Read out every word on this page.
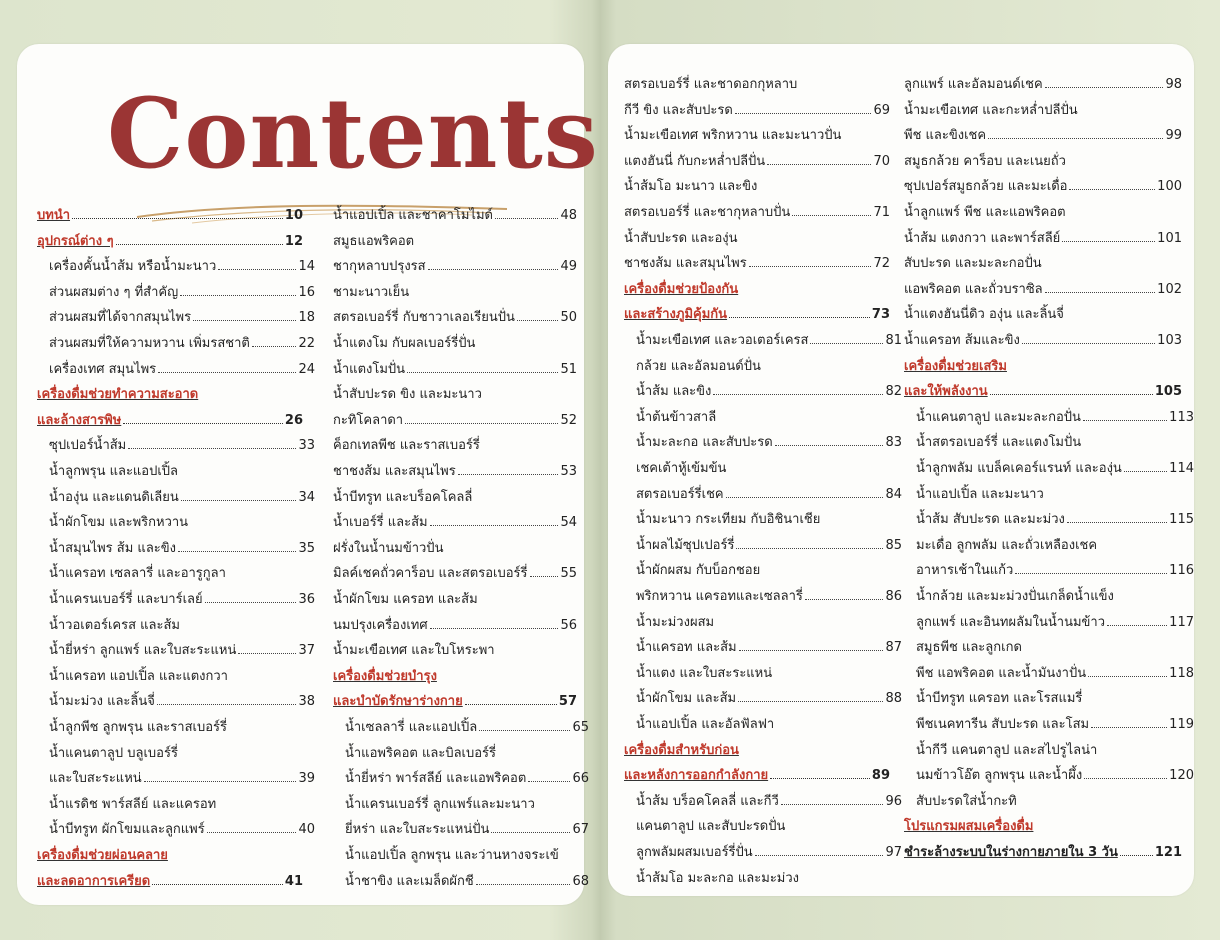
Contents
บทนำ	10
อุปกรณ์ต่าง ๆ	12
เครื่องคั้นน้ำส้ม หรือน้ำมะนาว	14
ส่วนผสมต่าง ๆ ที่สำคัญ	16
ส่วนผสมที่ได้จากสมุนไพร	18
ส่วนผสมที่ให้ความหวาน เพิ่มรสชาติ	22
เครื่องเทศ สมุนไพร	24
เครื่องดื่มช่วยทำความสะอาด
และล้างสารพิษ	26
ซุปเปอร์น้ำส้ม	33
น้ำลูกพรุน และแอปเปิ้ล
น้ำองุ่น และแดนดิเลียน	34
น้ำผักโขม และพริกหวาน
น้ำสมุนไพร ส้ม และขิง	35
น้ำแครอท เซลลารี่ และอารูกูลา
น้ำแครนเบอร์รี่ และบาร์เลย์	36
น้ำวอเตอร์เครส และส้ม
น้ำยี่หร่า ลูกแพร์ และใบสะระแหน่	37
น้ำแครอท แอปเปิ้ล และแตงกวา
น้ำมะม่วง และลิ้นจี่	38
น้ำลูกพีช ลูกพรุน และราสเบอร์รี่
น้ำแคนตาลูป บลูเบอร์รี่
และใบสะระแหน่	39
น้ำแรดิช พาร์สลีย์ และแครอท
น้ำบีทรูท ผักโขมและลูกแพร์	40
เครื่องดื่มช่วยผ่อนคลาย
และลดอาการเครียด	41
น้ำแอปเปิ้ล และชาคาโมไมด์	48
สมูธแอพริคอต
ชากุหลาบปรุงรส	49
ชามะนาวเย็น
สตรอเบอร์รี่ กับชาวาเลอเรียนปั่น	50
น้ำแตงโม กับผลเบอร์รี่ปั่น
น้ำแตงโมปั่น	51
น้ำสับปะรด ขิง และมะนาว
กะทิโคลาดา	52
ค็อกเทลพีช และราสเบอร์รี่
ชาชงส้ม และสมุนไพร	53
น้ำบีทรูท และบร็อคโคลลี่
น้ำเบอร์รี่ และส้ม	54
ฝรั่งในน้ำนมข้าวปั่น
มิลค์เชคถั่วคาร็อบ และสตรอเบอร์รี่	55
น้ำผักโขม แครอท และส้ม
นมปรุงเครื่องเทศ	56
น้ำมะเขือเทศ และใบโหระพา
เครื่องดื่มช่วยบำรุง
และบำบัดรักษาร่างกาย	57
น้ำเซลลารี่ และแอปเปิ้ล	65
น้ำแอพริคอต และบิลเบอร์รี่
น้ำยี่หร่า พาร์สลีย์ และแอพริคอต	66
น้ำแครนเบอร์รี่ ลูกแพร์และมะนาว
ยี่หร่า และใบสะระแหน่ปั่น	67
น้ำแอปเปิ้ล ลูกพรุน และว่านหางจระเข้
น้ำชาขิง และเมล็ดผักชี	68
สตรอเบอร์รี่ และชาดอกกุหลาบ
กีวี ขิง และสับปะรด	69
น้ำมะเขือเทศ พริกหวาน และมะนาวปั่น
แตงฮันนี่ กับกะหล่ำปลีปั่น	70
น้ำส้มโอ มะนาว และขิง
สตรอเบอร์รี่ และชากุหลาบปั่น	71
น้ำสับปะรด และองุ่น
ชาชงส้ม และสมุนไพร	72
เครื่องดื่มช่วยป้องกัน
และสร้างภูมิคุ้มกัน	73
น้ำมะเขือเทศ และวอเตอร์เครส	81
กล้วย และอัลมอนด์ปั่น
น้ำส้ม และขิง	82
น้ำต้นข้าวสาลี
น้ำมะละกอ และสับปะรด	83
เชคเต้าหู้เข้มข้น
สตรอเบอร์รี่เชค	84
น้ำมะนาว กระเทียม กับอิชินาเชีย
น้ำผลไม้ซุปเปอร์รี่	85
น้ำผักผสม กับบ็อกชอย
พริกหวาน แครอทและเซลลารี่	86
น้ำมะม่วงผสม
น้ำแครอท และส้ม	87
น้ำแตง และใบสะระแหน่
น้ำผักโขม และส้ม	88
น้ำแอปเปิ้ล และอัลฟัลฟา
เครื่องดื่มสำหรับก่อน
และหลังการออกกำลังกาย	89
น้ำส้ม บร็อคโคลลี่ และกีวี	96
แคนตาลูป และสับปะรดปั่น
ลูกพลัมผสมเบอร์รี่ปั่น	97
น้ำส้มโอ มะละกอ และมะม่วง
ลูกแพร์ และอัลมอนด์เชค	98
น้ำมะเขือเทศ และกะหล่ำปลีปั่น
พีช และขิงเชค	99
สมูธกล้วย คาร็อบ และเนยถั่ว
ซุปเปอร์สมูธกล้วย และมะเดื่อ	100
น้ำลูกแพร์ พีช และแอพริคอต
น้ำส้ม แตงกวา และพาร์สลีย์	101
สับปะรด และมะละกอปั่น
แอพริคอต และถั่วบราซิล	102
น้ำแตงฮันนี่ดิว องุ่น และลิ้นจี่
น้ำแครอท ส้มและขิง	103
เครื่องดื่มช่วยเสริม
และให้พลังงาน	105
น้ำแคนตาลูป และมะละกอปั่น	113
น้ำสตรอเบอร์รี่ และแตงโมปั่น
น้ำลูกพลัม แบล็คเคอร์แรนท์ และองุ่น	114
น้ำแอปเปิ้ล และมะนาว
น้ำส้ม สับปะรด และมะม่วง	115
มะเดื่อ ลูกพลัม และถั่วเหลืองเชค
อาหารเช้าในแก้ว	116
น้ำกล้วย และมะม่วงปั่นเกล็ดน้ำแข็ง
ลูกแพร์ และอินทผลัมในน้ำนมข้าว	117
สมูธพีช และลูกเกด
พีช แอพริคอต และน้ำมันงาปั่น	118
น้ำบีทรูท แครอท และโรสแมรี่
พีชเนคทารีน สับปะรด และโสม	119
น้ำกีวี แคนตาลูป และสไปรูไลน่า
นมข้าวโอ๊ต ลูกพรุน และน้ำผึ้ง	120
สับปะรดใส่น้ำกะทิ
โปรแกรมผสมเครื่องดื่ม
ชำระล้างระบบในร่างกายภายใน 3 วัน	121
